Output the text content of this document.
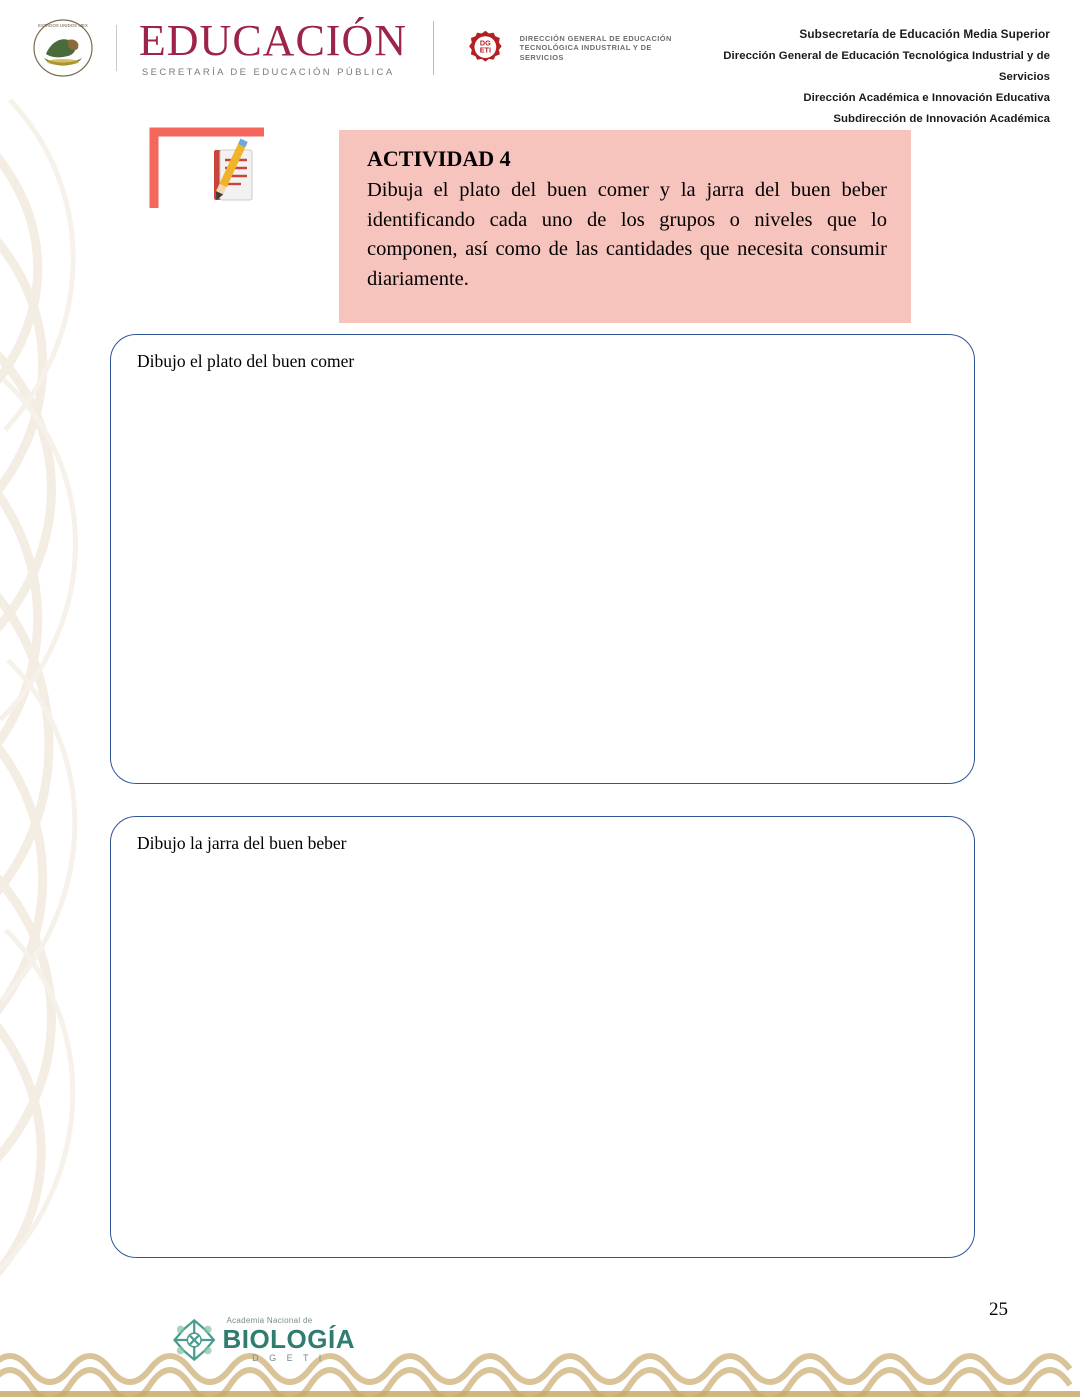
ESTADOS UNIDOS MEX EDUCACIÓN
SECRETARÍA DE EDUCACIÓN PÚBLICA
DG
ETI
DIRECCIÓN GENERAL DE EDUCACIÓN
TECNOLÓGICA INDUSTRIAL Y DE SERVICIOS
Subsecretaría de Educación Media Superior
Dirección General de Educación Tecnológica Industrial y de Servicios
Dirección Académica e Innovación Educativa
Subdirección de Innovación Académica
ACTIVIDAD 4
Dibuja el plato del buen comer y la jarra del buen beber identificando cada uno de los grupos o niveles que lo componen, así como de las cantidades que necesita consumir diariamente.
Dibujo el plato del buen comer
Dibujo la jarra del buen beber
25
Academia Nacional de
BIOLOGÍA
D G E T I
